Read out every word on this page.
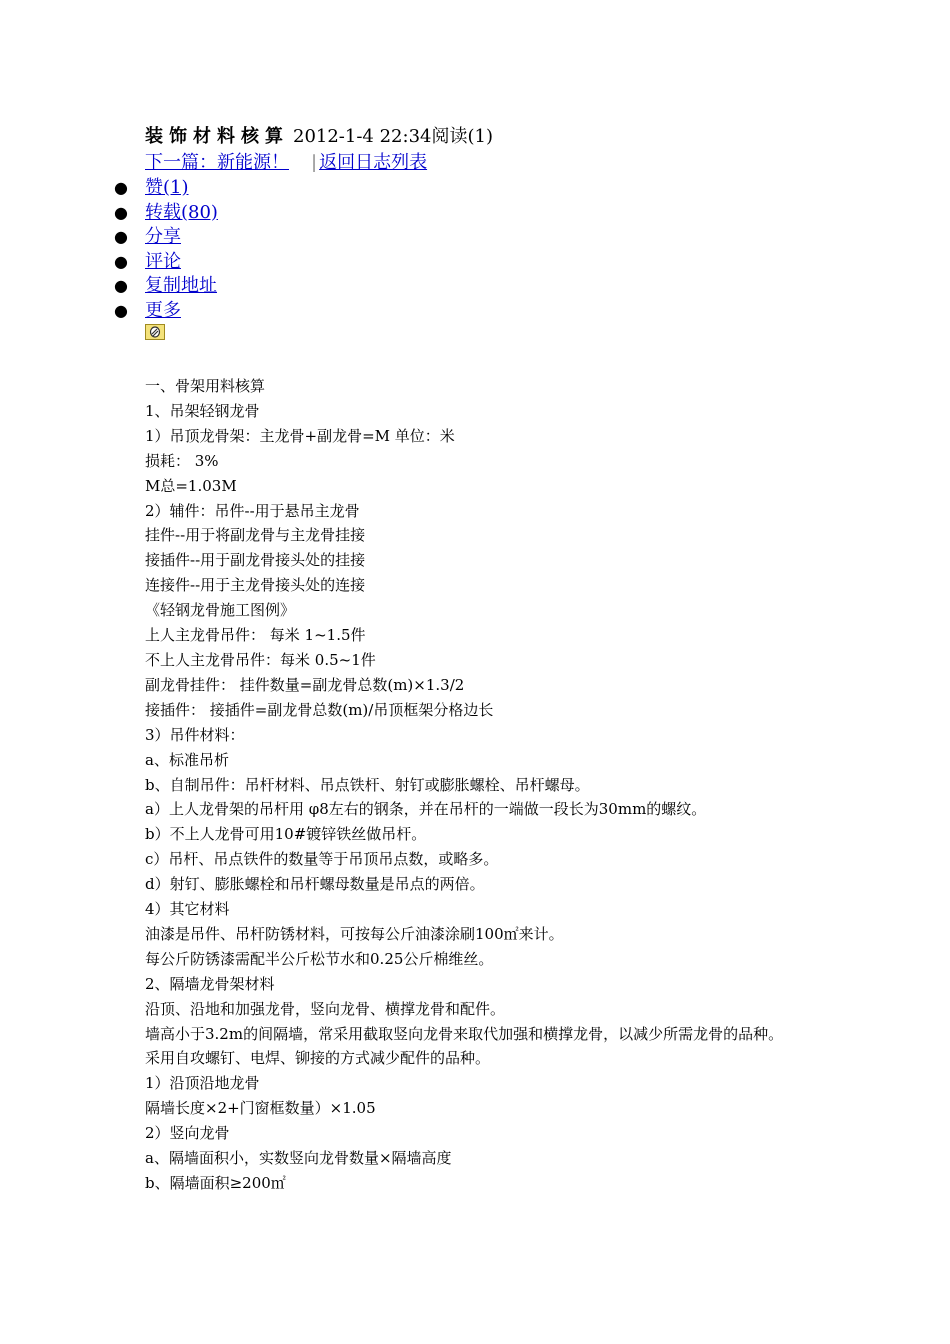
装饰材料核算 2012-1-4 22:34阅读(1)
下一篇：新能源！ | 返回日志列表
● 赞(1)
● 转载(80)
● 分享
● 评论
● 复制地址
● 更多

一、骨架用料核算

1、吊架轻钢龙骨

1）吊顶龙骨架：主龙骨+副龙骨=M 单位：米

损耗： 3%

M总=1.03M

2）辅件：吊件--用于悬吊主龙骨

挂件--用于将副龙骨与主龙骨挂接

接插件--用于副龙骨接头处的挂接

连接件--用于主龙骨接头处的连接

《轻钢龙骨施工图例》

上人主龙骨吊件： 每米 1~1.5件

不上人主龙骨吊件：每米 0.5~1件

副龙骨挂件： 挂件数量=副龙骨总数(m)×1.3/2

接插件： 接插件=副龙骨总数(m)/吊顶框架分格边长

3）吊件材料：

a、标准吊析

b、自制吊件：吊杆材料、吊点铁杆、射钉或膨胀螺栓、吊杆螺母。

a）上人龙骨架的吊杆用 φ8左右的钢条，并在吊杆的一端做一段长为30mm的螺纹。

b）不上人龙骨可用10#镀锌铁丝做吊杆。

c）吊杆、吊点铁件的数量等于吊顶吊点数，或略多。

d）射钉、膨胀螺栓和吊杆螺母数量是吊点的两倍。

4）其它材料

油漆是吊件、吊杆防锈材料，可按每公斤油漆涂刷100㎡来计。

每公斤防锈漆需配半公斤松节水和0.25公斤棉维丝。

2、隔墙龙骨架材料

沿顶、沿地和加强龙骨，竖向龙骨、横撑龙骨和配件。

墙高小于3.2m的间隔墙，常采用截取竖向龙骨来取代加强和横撑龙骨，以减少所需龙骨的品种。

采用自攻螺钉、电焊、铆接的方式减少配件的品种。

1）沿顶沿地龙骨

隔墙长度×2+门窗框数量）×1.05

2）竖向龙骨

a、隔墙面积小，实数竖向龙骨数量×隔墙高度

b、隔墙面积≥200㎡
